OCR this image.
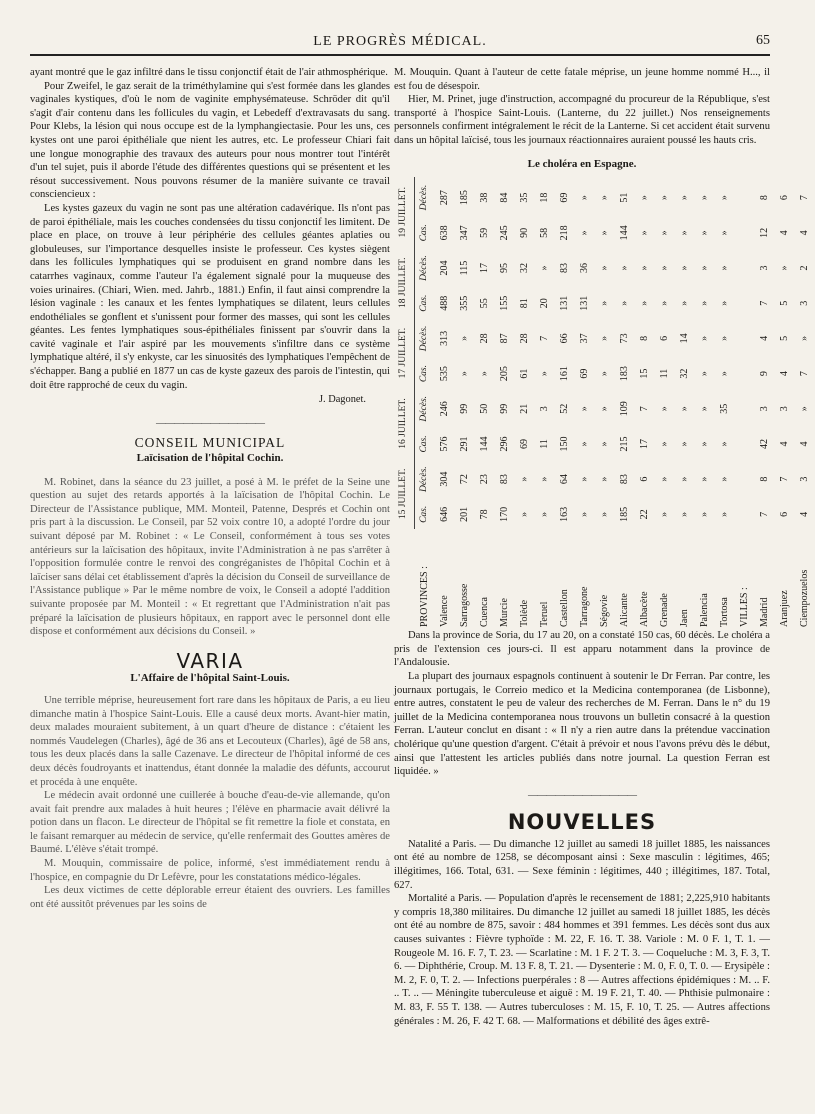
LE PROGRÈS MÉDICAL.	65

ayant montré que le gaz infiltré dans le tissu conjonctif était de l'air athmosphérique.

Pour Zweifel, le gaz serait de la triméthylamine qui s'est formée dans les glandes vaginales kystiques, d'où le nom de vaginite emphysémateuse. Schröder dit qu'il s'agit d'air contenu dans les follicules du vagin, et Lebedeff d'extravasats du sang. Pour Klebs, la lésion qui nous occupe est de la lymphangiectasie. Pour les uns, ces kystes ont une paroi épithéliale que nient les autres, etc. Le professeur Chiari fait une longue monographie des travaux des auteurs pour nous montrer tout l'intérêt d'un tel sujet, puis il aborde l'étude des différentes questions qui se présentent et les résout successivement. Nous pouvons résumer de la manière suivante ce travail consciencieux :

Les kystes gazeux du vagin ne sont pas une altération cadavérique. Ils n'ont pas de paroi épithéliale, mais les couches condensées du tissu conjonctif les limitent. De place en place, on trouve à leur périphérie des cellules géantes aplaties ou globuleuses, sur l'importance desquelles insiste le professeur. Ces kystes siègent dans les follicules lymphatiques qui se produisent en grand nombre dans les catarrhes vaginaux, comme l'auteur l'a également signalé pour la muqueuse des voies urinaires. (Chiari, Wien. med. Jahrb., 1881.) Enfin, il faut ainsi comprendre la lésion vaginale : les canaux et les fentes lymphatiques se dilatent, leurs cellules endothéliales se gonflent et s'unissent pour former des masses, qui sont les cellules géantes. Les fentes lymphatiques sous-épithéliales finissent par s'ouvrir dans la cavité vaginale et l'air aspiré par les mouvements s'infiltre dans ce système lymphatique altéré, il s'y enkyste, car les sinuosités des lymphatiques l'empêchent de s'échapper. Bang a publié en 1877 un cas de kyste gazeux des parois de l'intestin, qui doit être rapproché de ceux du vagin.

J. Dagonet.
————————————
CONSEIL MUNICIPAL
Laïcisation de l'hôpital Cochin.

M. Robinet, dans la séance du 23 juillet, a posé à M. le préfet de la Seine une question au sujet des retards apportés à la laïcisation de l'hôpital Cochin. Le Directeur de l'Assistance publique, MM. Monteil, Patenne, Després et Cochin ont pris part à la discussion. Le Conseil, par 52 voix contre 10, a adopté l'ordre du jour suivant déposé par M. Robinet : « Le Conseil, conformément à tous ses votes antérieurs sur la laïcisation des hôpitaux, invite l'Administration à ne pas s'arrêter à l'opposition formulée contre le renvoi des congréganistes de l'hôpital Cochin et à laïciser sans délai cet établissement d'après la décision du Conseil de surveillance de l'Assistance publique » Par le même nombre de voix, le Conseil a adopté l'addition suivante proposée par M. Monteil : « Et regrettant que l'Administration n'ait pas préparé la laïcisation de plusieurs hôpitaux, en rapport avec le personnel dont elle dispose et conformément aux décisions du Conseil. »

VARIA
L'Affaire de l'hôpital Saint-Louis.

Une terrible méprise, heureusement fort rare dans les hôpitaux de Paris, a eu lieu dimanche matin à l'hospice Saint-Louis. Elle a causé deux morts. Avant-hier matin, deux malades mouraient subitement, à un quart d'heure de distance : c'étaient les nommés Vaudelegen (Charles), âgé de 36 ans et Lecouteux (Charles), âgé de 58 ans, tous les deux placés dans la salle Cazenave. Le directeur de l'hôpital informé de ces deux décès foudroyants et inattendus, étant donnée la maladie des défunts, accourut et procéda à une enquête.

Le médecin avait ordonné une cuillerée à bouche d'eau-de-vie allemande, qu'on avait fait prendre aux malades à huit heures ; l'élève en pharmacie avait délivré la potion dans un flacon. Le directeur de l'hôpital se fit remettre la fiole et constata, en le faisant remarquer au médecin de service, qu'elle renfermait des Gouttes amères de Baumé. L'élève s'était trompé.

M. Mouquin, commissaire de police, informé, s'est immédiatement rendu à l'hospice, en compagnie du Dr Lefèvre, pour les constatations médico-légales.

Les deux victimes de cette déplorable erreur étaient des ouvriers. Les familles ont été aussitôt prévenues par les soins de

M. Mouquin. Quant à l'auteur de cette fatale méprise, un jeune homme nommé H..., il est fou de désespoir.

Hier, M. Prinet, juge d'instruction, accompagné du procureur de la République, s'est transporté à l'hospice Saint-Louis. (Lanterne, du 22 juillet.) Nos renseignements personnels confirment intégralement le récit de la Lanterne. Si cet accident était survenu dans un hôpital laïcisé, tous les journaux réactionnaires auraient poussé les hauts cris.

Le choléra en Espagne.
	15 JUILLET.		16 JUILLET.		17 JUILLET.		18 JUILLET.		19 JUILLET.	
PROVINCES :	Cas.	Décès.	Cas.	Décès.	Cas.	Décès.	Cas.	Décès.	Cas.	Décès.
Valence	646	304	576	246	535	313	488	204	638	287
Sarragosse	201	72	291	99	»	»	355	115	347	185
Cuenca	78	23	144	50	»	28	55	17	59	38
Murcie	170	83	296	99	205	87	155	95	245	84
Tolède	»	»	69	21	61	28	81	32	90	35
Teruel	»	»	11	3	»	7	20	»	58	18
Castellon	163	64	150	52	161	66	131	83	218	69
Tarragone	»	»	»	»	69	37	131	36	»	»
Ségovie	»	»	»	»	»	»	»	»	»	»
Alicante	185	83	215	109	183	73	»	»	144	51
Albacète	22	6	17	7	15	8	»	»	»	»
Grenade	»	»	»	»	11	6	»	»	»	»
Jaen	»	»	»	»	32	14	»	»	»	»
Palencia	»	»	»	»	»	»	»	»	»	»
Tortosa	»	»	»	35	»	»	»	»	»	»
VILLES :										
Madrid	7	8	42	3	9	4	7	3	12	8
Aranjuez	6	7	4	3	4	5	5	»	4	6
Ciempozuelos	4	3	4	»	7	»	3	2	4	7

Dans la province de Soria, du 17 au 20, on a constaté 150 cas, 60 décès. Le choléra a pris de l'extension ces jours-ci. Il est apparu notamment dans la province de l'Andalousie.

La plupart des journaux espagnols continuent à soutenir le Dr Ferran. Par contre, les journaux portugais, le Correio medico et la Medicina contemporanea (de Lisbonne), entre autres, constatent le peu de valeur des recherches de M. Ferran. Dans le n° du 19 juillet de la Medicina contemporanea nous trouvons un bulletin consacré à la question Ferran. L'auteur conclut en disant : « Il n'y a rien autre dans la prétendue vaccination cholérique qu'une question d'argent. C'était à prévoir et nous l'avons prévu dès le début, ainsi que l'attestent les articles publiés dans notre journal. La question Ferran est liquidée. »

————————————
NOUVELLES

Natalité a Paris. — Du dimanche 12 juillet au samedi 18 juillet 1885, les naissances ont été au nombre de 1258, se décomposant ainsi : Sexe masculin : légitimes, 465; illégitimes, 166. Total, 631. — Sexe féminin : légitimes, 440 ; illégitimes, 187. Total, 627.

Mortalité a Paris. — Population d'après le recensement de 1881; 2,225,910 habitants y compris 18,380 militaires. Du dimanche 12 juillet au samedi 18 juillet 1885, les décès ont été au nombre de 875, savoir : 484 hommes et 391 femmes. Les décès sont dus aux causes suivantes : Fièvre typhoïde : M. 22, F. 16. T. 38. Variole : M. 0 F. 1, T. 1. — Rougeole M. 16. F. 7, T. 23. — Scarlatine : M. 1 F. 2 T. 3. — Coqueluche : M. 3, F. 3, T. 6. — Diphthérie, Croup. M. 13 F. 8, T. 21. — Dysenterie : M. 0, F. 0, T. 0. — Erysipèle : M. 2, F. 0, T. 2. — Infections puerpérales : 8 — Autres affections épidémiques : M. .. F. .. T. .. — Méningite tuberculeuse et aiguë : M. 19 F. 21, T. 40. — Phthisie pulmonaire : M. 83, F. 55 T. 138. — Autres tuberculoses : M. 15, F. 10, T. 25. — Autres affections générales : M. 26, F. 42 T. 68. — Malformations et débilité des âges extrê-
